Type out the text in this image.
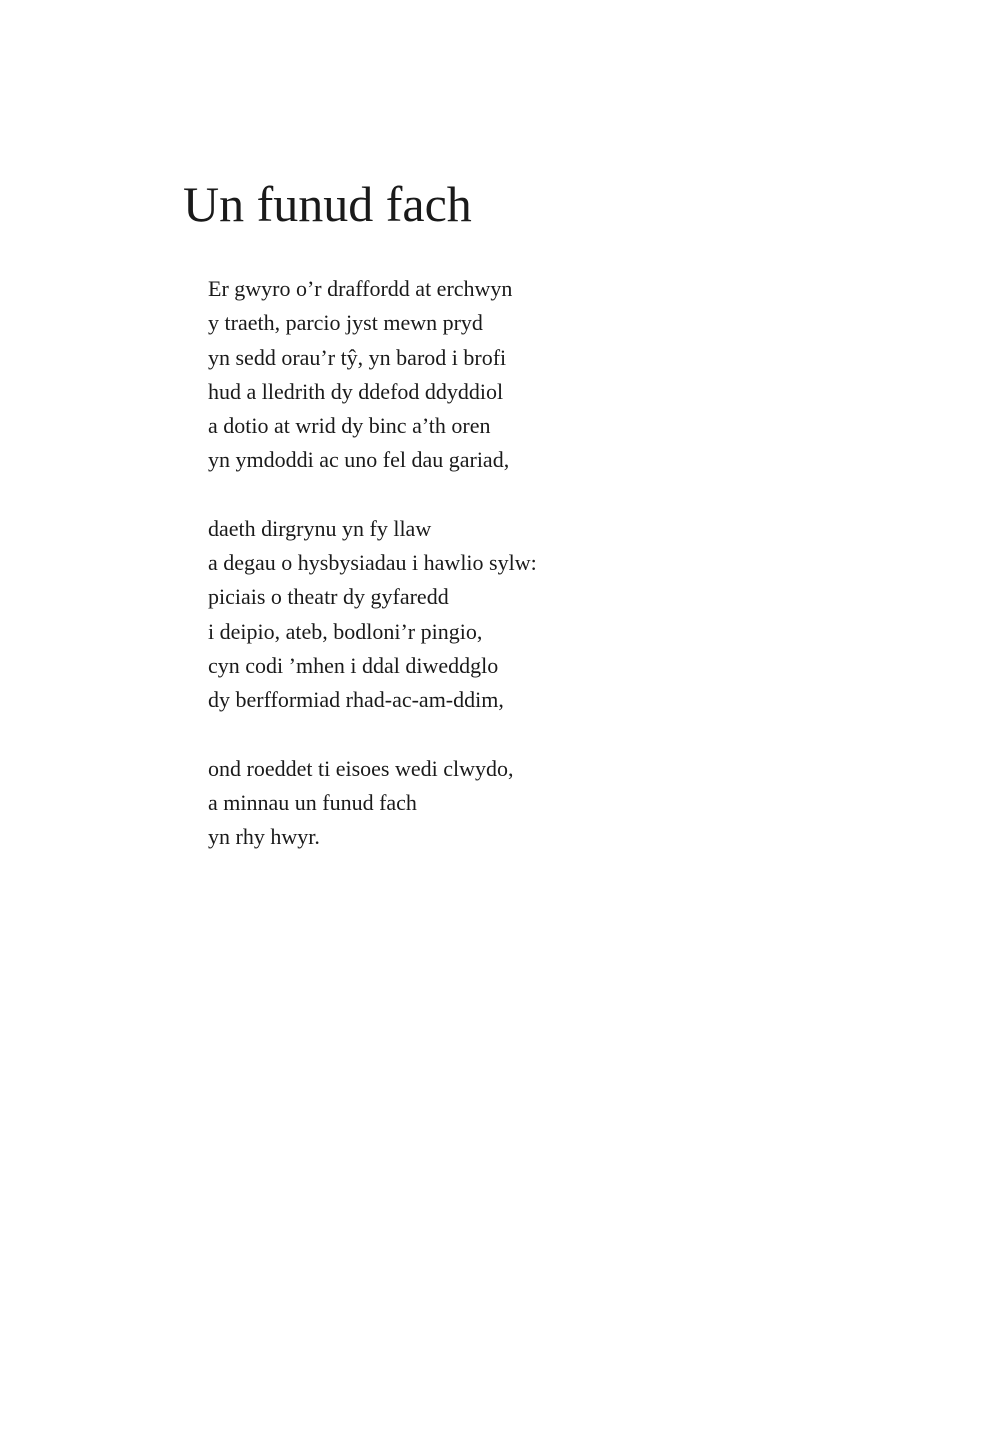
Un funud fach
Er gwyro o’r draffordd at erchwyn
y traeth, parcio jyst mewn pryd
yn sedd orau’r tŷ, yn barod i brofi
hud a lledrith dy ddefod ddyddiol
a dotio at wrid dy binc a’th oren
yn ymdoddi ac uno fel dau gariad,
daeth dirgrynu yn fy llaw
a degau o hysbysiadau i hawlio sylw:
piciais o theatr dy gyfaredd
i deipio, ateb, bodloni’r pingio,
cyn codi ’mhen i ddal diweddglo
dy berfformiad rhad-ac-am-ddim,
ond roeddet ti eisoes wedi clwydo,
a minnau un funud fach
yn rhy hwyr.
